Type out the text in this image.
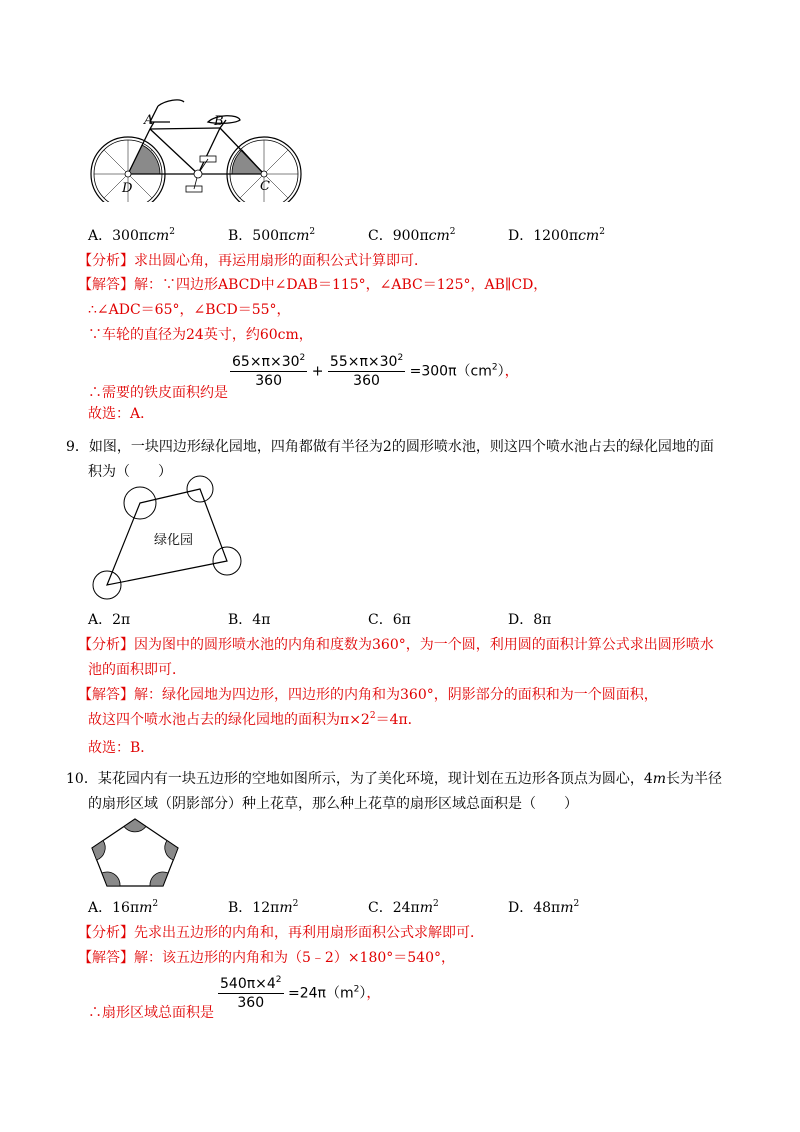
A	B
C
D
A．300πcm$^2$	B．500πcm$^2$	C．900πcm$^2$	D．1200πcm$^2$
【分析】求出圆心角，再运用扇形的面积公式计算即可．
【解答】解：∵四边形ABCD中∠DAB＝115°，∠ABC＝125°，AB∥CD，
∴∠ADC＝65°，∠BCD＝55°，
∵车轮的直径为24英寸，约60cm，
∴需要的铁皮面积约是
$\frac{65\times\pi\times 30^2}{360} + \frac{55\times\pi\times 30^2}{360} =300\pi(cm^2)$，
故选：A．
9．如图，一块四边形绿化园地，四角都做有半径为2的圆形喷水池，则这四个喷水池占去的绿化园地的面
积为（　　）
绿化园
A．2π	B．4π	C．6π	D．8π
【分析】因为图中的圆形喷水池的内角和度数为360°，为一个圆，利用圆的面积计算公式求出圆形喷水
池的面积即可．
【解答】解：绿化园地为四边形，四边形的内角和为360°，阴影部分的面积和为一个圆面积，
故这四个喷水池占去的绿化园地的面积为$\pi\times 2^2=4\pi$．
故选：B．
10．某花园内有一块五边形的空地如图所示，为了美化环境，现计划在五边形各顶点为圆心，4m长为半径
的扇形区域（阴影部分）种上花草，那么种上花草的扇形区域总面积是（　　）
A．$16\pi m^2$	B．$12\pi m^2$	C．$24\pi m^2$	D．$48\pi m^2$
【分析】先求出五边形的内角和，再利用扇形面积公式求解即可．
【解答】解：该五边形的内角和为（5﹣2）×180°＝540°，
∴扇形区域总面积是
$\frac{540\pi\times 4^2}{360} =24\pi(m^2)$，
